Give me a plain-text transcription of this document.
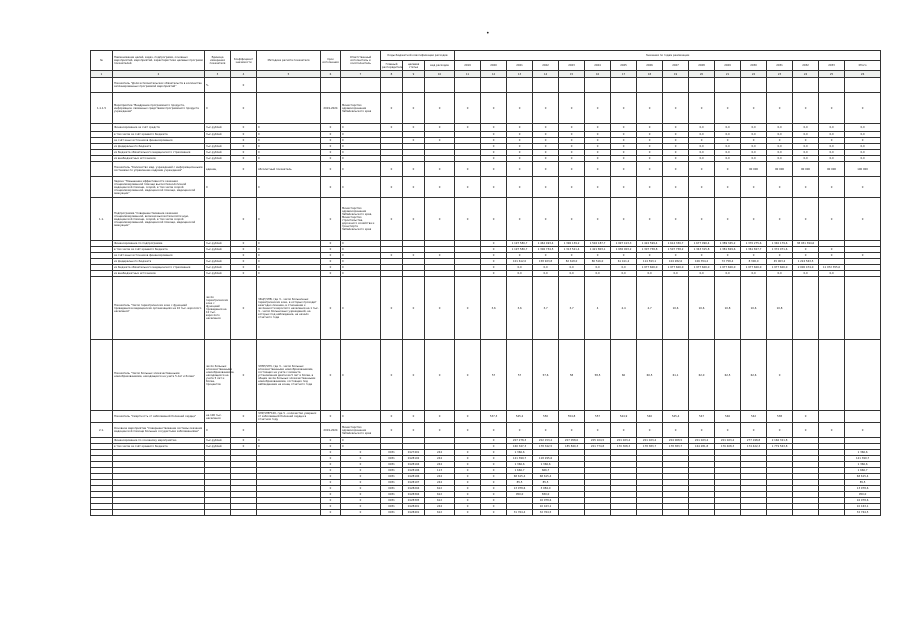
•
№	Наименование целей, задач, подпрограмм, основных мероприятий, мероприятий, характеристики целевых программ показателей	Единица измерения показателя	Коэффициент значимости	Методика расчёта показателя	Срок исполнения	Ответственный исполнитель и соисполнитель	Коды бюджетной классификации расходов			Значения по годам реализации															
							Главный распорядитель	целевая статья	вид расходов	2019	2020	2021	2022	2023	2024	2025	2026	2027	2028	2029	2030	2031	2032	2033	Итого
1	2	3	4	5	6	7	8	9	10	11	12	13	14	15	16	17	18	19	20	21	22	23	24	25	26
	Показатель "Доля исполнительских обязательств в количестве запланированных программой мероприятий"	%	0																						
1.1.1.5	Мероприятие "Внедрение программного продукта, информации, связанных средствами программного продукта учреждения"	0	0		2019-2024	Министерство здравоохранения Забайкальского края	0	0	0	0	0	0	0	0	0	0	0	0	0	0	0	0	0	0	0
	Финансирование за счёт средств	тыс.рублей	0	0	0	0	0	0	0	0	0	0	0	0	0	0	0	0	0,0	0,0	0,0	0,0	0,0	0,0	0,0
	в том числе за счёт краевого бюджета	тыс.рублей	0	0	0	0					0	0	0	0	0	0	0	0	0,0	0,0	0,0	0,0	0,0	0,0	0,0
	за счёт иных источников финансирования		0	0	0	0		0	0		0	0	0	0	0	0	0	0	0	0	0	0	0	0	0
	из федерального бюджета	тыс.рублей	0	0	0	0					0	0	0	0	0	0	0	0	0,0	0,0	0,0	0,0	0,0	0,0	0,0
	из бюджета обязательного медицинского страхования	тыс.рублей	0	0	0	0					0	0	0	0	0	0	0	0	0,0	0,0	0,0	0,0	0,0	0,0	0,0
	из внебюджетных источников	тыс.рублей	0	0	0	0					0	0	0	0	0	0	0	0	0,0	0,0	0,0	0,0	0,0	0,0	0,0
	Показатель "Количество мед. учреждений с информационными системами по управлению кадрами учреждения"	единиц	0	Абсолютный показатель	0	0	0	0	0	0	0	0	0	0	0	0	0	0	0	0	90 000	90 000	90 000	90 000	100 000
	Задача "Повышение эффективности оказания специализированной помощи высокотехнологичной медицинской помощи, скорой, в том числе скорой специализированной, медицинской помощи, медицинской эвакуации"	0		0	0	0	0	0	0	0	0	0	0	0	0	0	0	0	0	0	0	0	0	0	0
1.1.	Подпрограмма "Совершенствование оказания специализированной, включая высокотехнологичную, медицинской помощи, скорой, в том числе скорой специализированной, медицинской помощи, медицинской эвакуации"		0	0	0	Министерство здравоохранения Забайкальского края, Министерство строительства, дорожного хозяйства и транспорта Забайкальского края	0	0	0	0	0	0	0	0	0	0	0	0	0	0	0	0	0	0	0
	Финансирование по подпрограмме	тыс.рублей	0	0	0	0					0	1 197 580,7	1 462 493,4	1 396 139,2	1 502 187,7	1 997 413,3	1 422 599,4	1 614 330,7	1 677 090,4	1 389 345,2	1 370 275,6	1 340 179,6	38 931 394,6		
	в том числе за счёт краевого бюджета	тыс.рублей	0	0	0	0					0	1 197 580,7	1 306 734,5	1 313 521,4	1 421 803,1	1 936 003,2	1 307 758,8	1 507 758,2	1 343 315,8	1 381 829,6	1 361 827,7	1 372 071,6	0	0	
	за счёт иных источников финансирования		0	0	0	0	0	0	0		0	0	0	0	0	0	0	0	0	0	0	0	0	0	0
	из федерального бюджета	тыс.рублей	0	0	0	0					0	101 612,0	158 923,8	82 618,0	80 516,0	61 411,2	114 593,1	104 282,6	106 354,2	72 758,4	8 300,0	45 003,2	1 224 563,5		
	из бюджета обязательного медицинского страхования	тыс.рублей	0	0	0	0					0	0,0	0,0	0,0	0,0	0,0	1 977 600,0	1 977 600,0	1 977 600,0	1 977 600,0	1 977 600,0	1 977 600,0	2 000 474,0	11 972 355,0	
	из внебюджетных источников	тыс.рублей	0	0	0	0					0	0,0	0,0	0,0	0,0	0,0	0,0	0,0	0,0	0,0	0,0	0,0	0,0	0,0	
	Показатель "Число гериатрических коек с функцией проведения в медицинских организациях на 10 тыс. взрослого населения"	число гериатрических коек с функцией проведения на 10 тыс. взрослого населения	0	ЧКЦГ/ЧНВ, где Ч - число больничных гериатрических коек, в которых проходит ежегодно лечение, в отношении к численности взрослого населения на 1 тыс. Ч - число больничных учреждений, на которых под наблюдение, на начало отчетного года	0	0	0	0	0	0	3,6	3,6	3,7	3,7	4	4,4	4,7	10,6	10,6	10,8	10,6	10,8			
	Показатель "Число больных злокачественными новообразованиями, находящихся на учете 5 лет и более"	число больных злокачественными новообразованиями, находящихся на учете 5 лет и более, процентов	0	ЧЛЗН/ЧНЗ, где Ч - число больных злокачественными новообразованиями, состоящих на учете с момента установления диагноза 5 лет и более, в общем числе больных злокачественными новообразованиями, состоящих под наблюдением на конец отчетного года	0	0	0	0	0	0	57	57	57,6	58	58,5	60	60,5	61,1	62,0	62,5	62,6	0			
	Показатель "Смертность от заболеваний болезней сердца"	на 100 тыс. населения	0	ЧЛУ/ЧНВ*100, где Ч - количество умерших от заболеваний болезней сердца в отчетном году	0	0	0	0	0	0	537,3	545,2	550	554,8	557	544,9	540	545,4	547	546	542	538	0		
2.1.	Основное мероприятие "Совершенствование системы оказания медицинской помощи больным сосудистыми заболеваниями"	0	0		2019-2024	Министерство здравоохранения Забайкальского края	0	0	0	0	0	0	0	0	0	0	0	0	0	0	0	0	0	0	0
	Финансирование по основному мероприятию	тыс.рублей	0	0	0	0					0	207 278,3	202 153,2	207 058,0	205 104,5	201 023,4	201 023,4	204 008,5	201 023,4	201 023,4	277 198,8	2 166 321,8			
	в том числе за счёт краевого бюджета	тыс.рублей	0	0	0	0					0	160 347,3	178 342,5	185 840,3	201 774,8	170 308,3	178 383,7	178 383,7	164 281,8	176 408,3	174 422,3	1 779 563,8			
					0	0	0031	0127401	244	0	0	1 366,6													1 366,6
					0	0	0931	0128102	244	0	0	121 399,7	118 295,6												121 399,7
					0	0	0931	0128104	244	0	0	1 366,6	1 366,6												1 366,6
					0	0	0931	0128106	113	0	0	1 666,7	666,7												1 666,7
					0	0	0931	0128106	244	0	0	68 615,4	68 615,4												68 615,4
					0	0	0931	0128107	244	0	0	85,5	85,5												85,5
					0	0	0931	0128204	612	0	0	13 978,6	3 984,0												13 978,6
					0	0	0931	0128304	612	0	0	950,0	830,0												950,0
					0	0	0931	0128305	612	0	0		16 978,6												16 978,6
					0	0	0931	0128401	244	0	0		10 163,1												10 163,1
					0	0	0931	0128401	612	0	0	31 764,4	32 764,5												32 764,5
